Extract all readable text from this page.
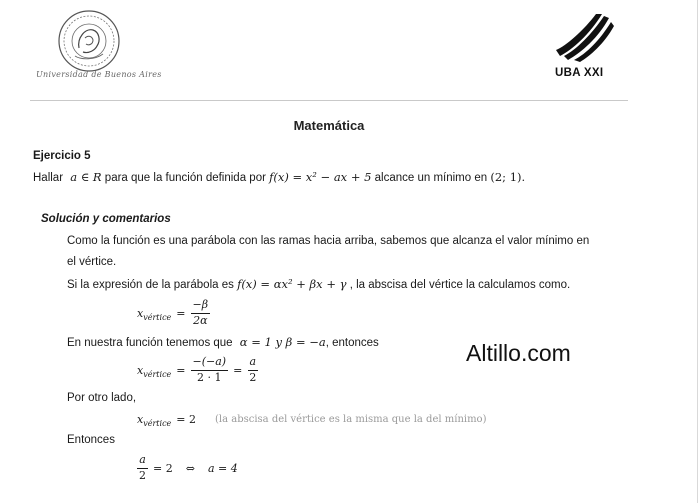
Universidad de Buenos Aires	UBA XXI
Matemática
Ejercicio 5
Hallar a ∈ R para que la función definida por f(x) = x² − ax + 5 alcance un mínimo en (2; 1).
Solución y comentarios
Como la función es una parábola con las ramas hacia arriba, sabemos que alcanza el valor mínimo en
el vértice.
Si la expresión de la parábola es f(x) = αx² + βx + γ , la abscisa del vértice la calculamos como.
$x_{vértice} = \frac{-\beta}{2\alpha}$
En nuestra función tenemos que α = 1 y β = −a, entonces	Altillo.com
$x_{vértice} = \frac{-(-a)}{2 \cdot 1} = \frac{a}{2}$
Por otro lado,
$x_{vértice} = 2$ (la abscisa del vértice es la misma que la del mínimo)
Entonces
$\frac{a}{2} = 2$ ⇔ a = 4
